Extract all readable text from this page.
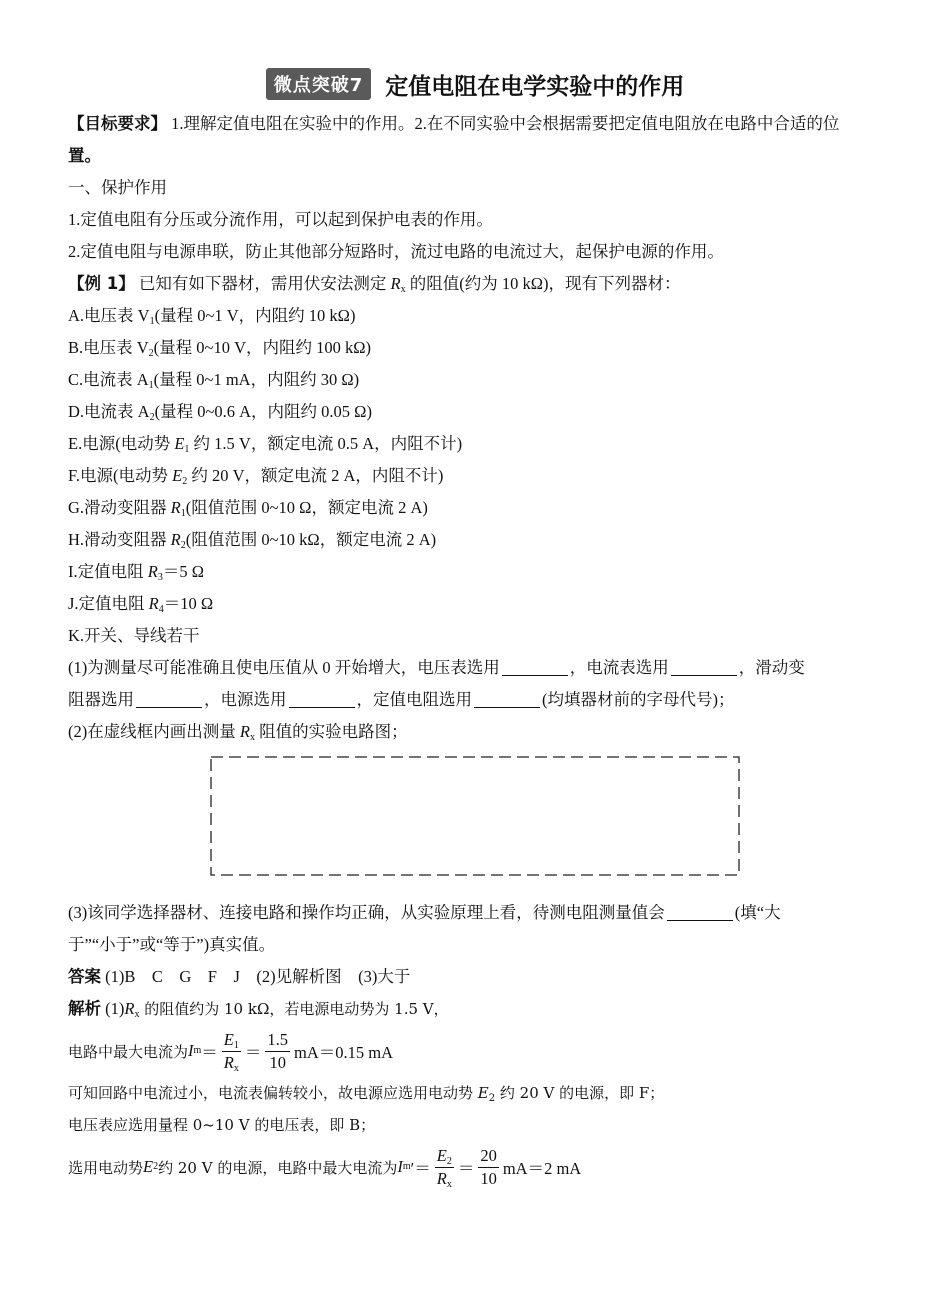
微点突破7 定值电阻在电学实验中的作用
【目标要求】 1.理解定值电阻在实验中的作用。2.在不同实验中会根据需要把定值电阻放在电路中合适的位
置。
一、保护作用
1.定值电阻有分压或分流作用，可以起到保护电表的作用。
2.定值电阻与电源串联，防止其他部分短路时，流过电路的电流过大，起保护电源的作用。
【例 1】 已知有如下器材，需用伏安法测定 $R_x$ 的阻值(约为 10 kΩ)，现有下列器材：
A.电压表 $V_1$(量程 0~1 V，内阻约 10 kΩ)
B.电压表 $V_2$(量程 0~10 V，内阻约 100 kΩ)
C.电流表 $A_1$(量程 0~1 mA，内阻约 30 Ω)
D.电流表 $A_2$(量程 0~0.6 A，内阻约 0.05 Ω)
E.电源(电动势 $E_1$ 约 1.5 V，额定电流 0.5 A，内阻不计)
F.电源(电动势 $E_2$ 约 20 V，额定电流 2 A，内阻不计)
G.滑动变阻器 $R_1$(阻值范围 0~10 Ω，额定电流 2 A)
H.滑动变阻器 $R_2$(阻值范围 0~10 kΩ，额定电流 2 A)
I.定值电阻 $R_3=5$ Ω
J.定值电阻 $R_4=10$ Ω
K.开关、导线若干
(1)为测量尽可能准确且使电压值从 0 开始增大，电压表选用	，电流表选用	，滑动变
阻器选用	，电源选用	，定值电阻选用	(均填器材前的字母代号)；
(2)在虚线框内画出测量 $R_x$ 阻值的实验电路图；
(3)该同学选择器材、连接电路和操作均正确，从实验原理上看，待测电阻测量值会	(填“大
于”“小于”或“等于”)真实值。
答案 (1)B　C　G　F　J　(2)见解析图　(3)大于
解析 $(1)R_x$ 的阻值约为 10 kΩ，若电源电动势为 1.5 V，
电路中最大电流为 I $m = \frac{E_1}{R_x} = \frac{1.5}{10} mA=0.15$ mA
可知回路中电流过小，电流表偏转较小，故电源应选用电动势 $E_2$ 约 20 V 的电源，即 F；
电压表应选用量程 0~10 V 的电压表，即 B；
选用电动势 E 2 约 20 V 的电源，电路中最大电流为 I m ′＝ $\frac{E_2}{R_x} = \frac{20}{10} mA=2$ mA
